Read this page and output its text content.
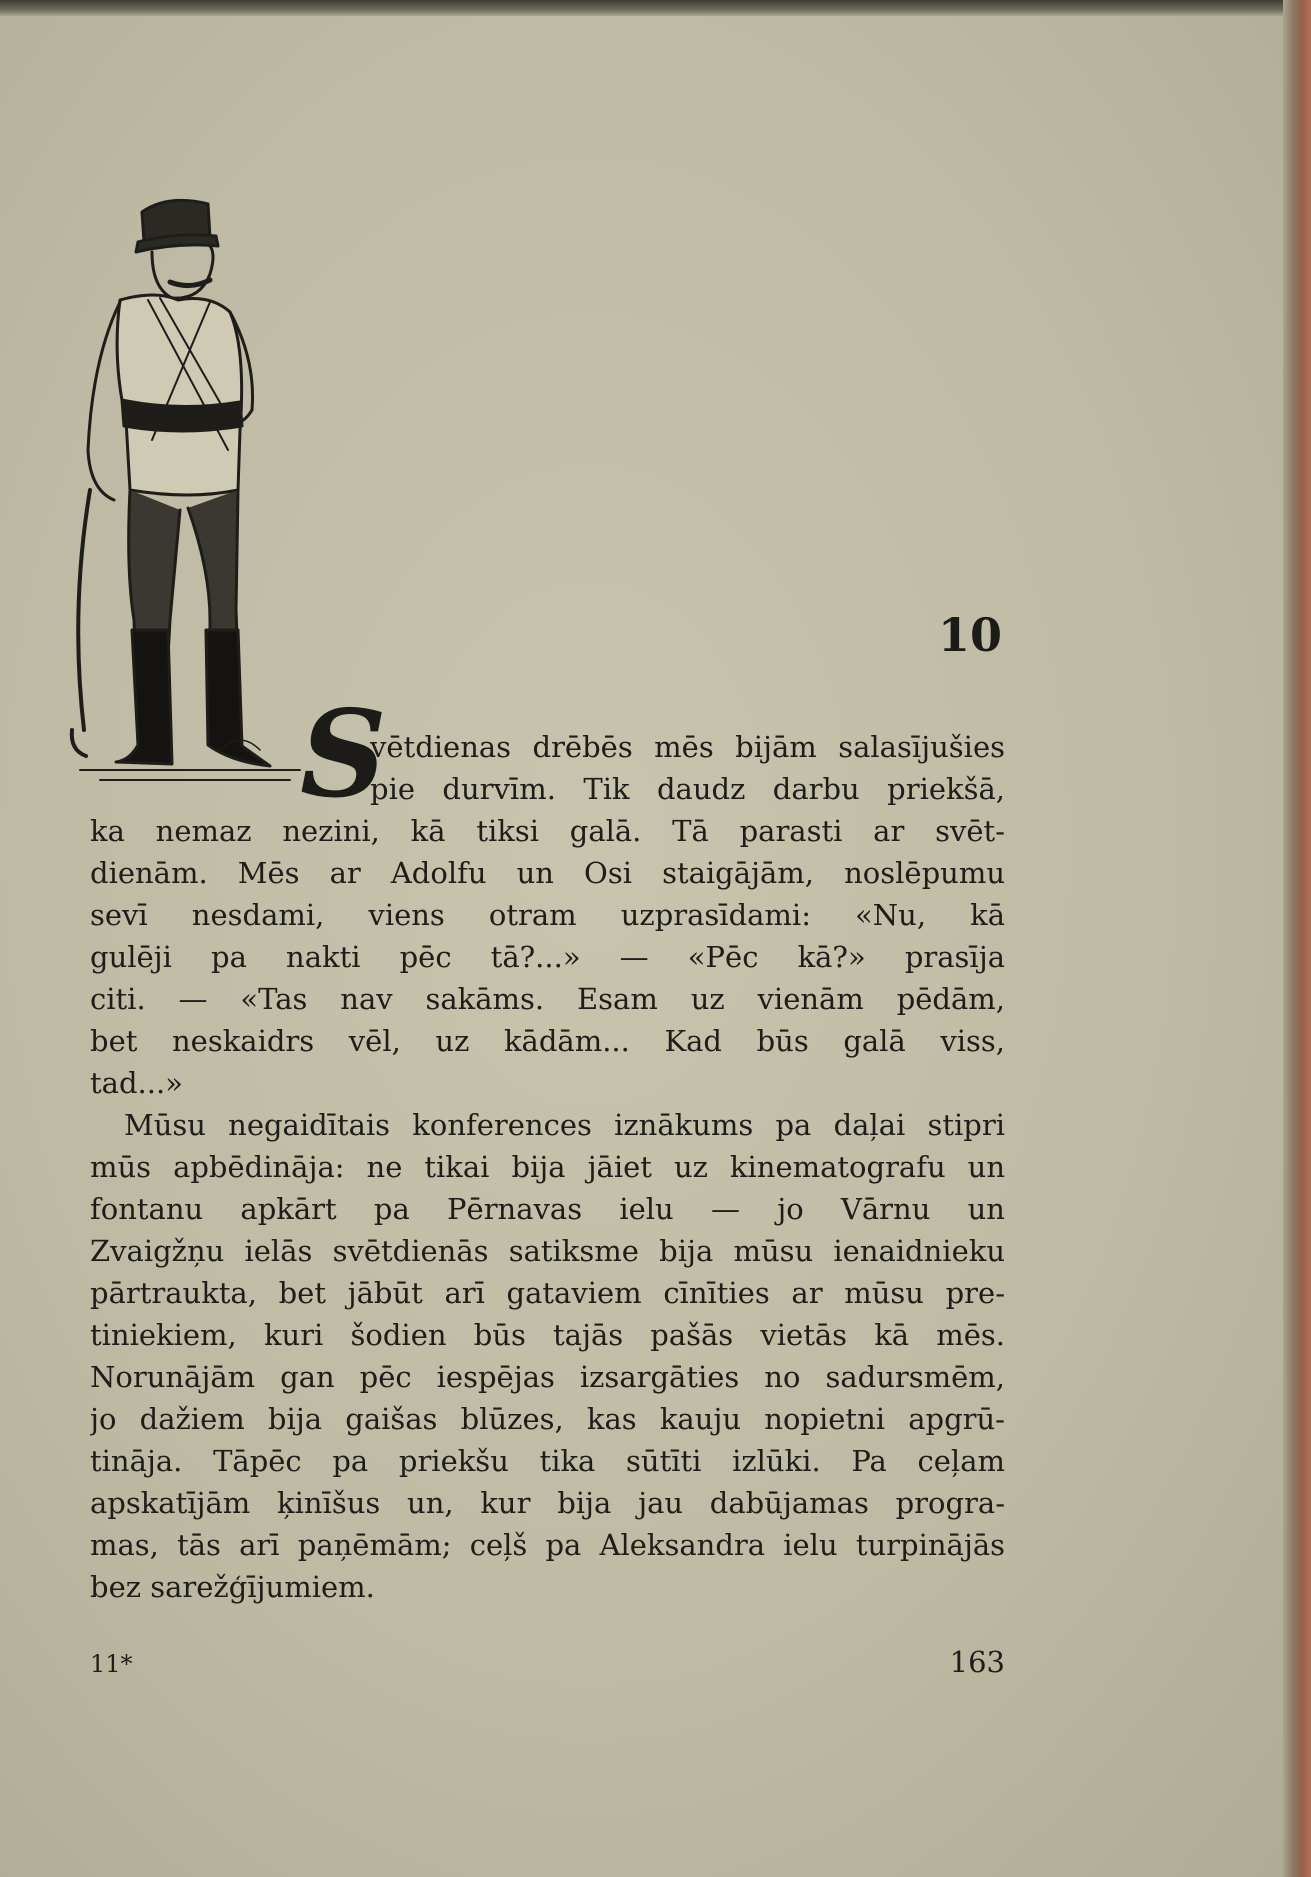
10
S
vētdienas drēbēs mēs bijām salasījušies
pie durvīm. Tik daudz darbu priekšā,
ka nemaz nezini, kā tiksi galā. Tā parasti ar svēt-
dienām. Mēs ar Adolfu un Osi staigājām, noslēpumu
sevī nesdami, viens otram uzprasīdami: «Nu, kā
gulēji pa nakti pēc tā?...» — «Pēc kā?» prasīja
citi. — «Tas nav sakāms. Esam uz vienām pēdām,
bet neskaidrs vēl, uz kādām... Kad būs galā viss,
tad...»
Mūsu negaidītais konferences iznākums pa daļai stipri
mūs apbēdināja: ne tikai bija jāiet uz kinematografu un
fontanu apkārt pa Pērnavas ielu — jo Vārnu un
Zvaigžņu ielās svētdienās satiksme bija mūsu ienaidnieku
pārtraukta, bet jābūt arī gataviem cīnīties ar mūsu pre-
tiniekiem, kuri šodien būs tajās pašās vietās kā mēs.
Norunājām gan pēc iespējas izsargāties no sadursmēm,
jo dažiem bija gaišas blūzes, kas kauju nopietni apgrū-
tināja. Tāpēc pa priekšu tika sūtīti izlūki. Pa ceļam
apskatījām ķinīšus un, kur bija jau dabūjamas progra-
mas, tās arī paņēmām; ceļš pa Aleksandra ielu turpinājās
bez sarežģījumiem.
11*	163
